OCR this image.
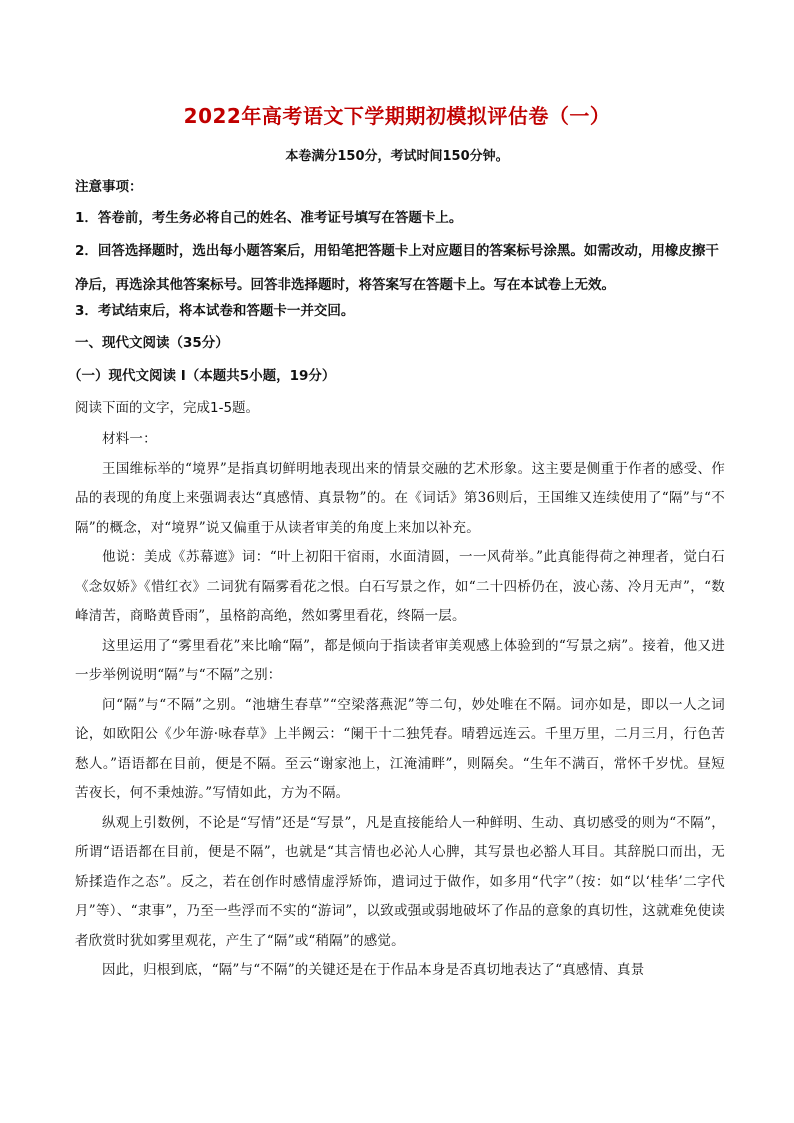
2022年高考语文下学期期初模拟评估卷（一）

本卷满分150分，考试时间150分钟。

注意事项：

1．答卷前，考生务必将自己的姓名、准考证号填写在答题卡上。

2．回答选择题时，选出每小题答案后，用铅笔把答题卡上对应题目的答案标号涂黑。如需改动，用橡皮擦干净后，再选涂其他答案标号。回答非选择题时，将答案写在答题卡上。写在本试卷上无效。

3．考试结束后，将本试卷和答题卡一并交回。

一、现代文阅读（35分）

（一）现代文阅读 I（本题共5小题，19分）

阅读下面的文字，完成1-5题。

材料一：

王国维标举的“境界”是指真切鲜明地表现出来的情景交融的艺术形象。这主要是侧重于作者的感受、作品的表现的角度上来强调表达“真感情、真景物”的。在《词话》第36则后，王国维又连续使用了“隔”与“不隔”的概念，对“境界”说又偏重于从读者审美的角度上来加以补充。

他说：美成《苏幕遮》词：“叶上初阳干宿雨，水面清圆，一一风荷举。”此真能得荷之神理者，觉白石《念奴娇》《惜红衣》二词犹有隔雾看花之恨。白石写景之作，如“二十四桥仍在，波心荡、冷月无声”，“数峰清苦，商略黄昏雨”，虽格韵高绝，然如雾里看花，终隔一层。

这里运用了“雾里看花”来比喻“隔”，都是倾向于指读者审美观感上体验到的“写景之病”。接着，他又进一步举例说明“隔”与“不隔”之别：

问“隔”与“不隔”之别。“池塘生春草”“空梁落燕泥”等二句，妙处唯在不隔。词亦如是，即以一人之词论，如欧阳公《少年游·咏春草》上半阙云：“阑干十二独凭春。晴碧远连云。千里万里，二月三月，行色苦愁人。”语语都在目前，便是不隔。至云“谢家池上，江淹浦畔”，则隔矣。“生年不满百，常怀千岁忧。昼短苦夜长，何不秉烛游。”写情如此，方为不隔。

纵观上引数例，不论是“写情”还是“写景”，凡是直接能给人一种鲜明、生动、真切感受的则为“不隔”，所谓“语语都在目前，便是不隔”，也就是“其言情也必沁人心脾，其写景也必豁人耳目。其辞脱口而出，无矫揉造作之态”。反之，若在创作时感情虚浮矫饰，遣词过于做作，如多用“代字”（按：如“以‘桂华’二字代月”等）、“隶事”，乃至一些浮而不实的“游词”，以致或强或弱地破坏了作品的意象的真切性，这就难免使读者欣赏时犹如雾里观花，产生了“隔”或“稍隔”的感觉。

因此，归根到底，“隔”与“不隔”的关键还是在于作品本身是否真切地表达了“真感情、真景
